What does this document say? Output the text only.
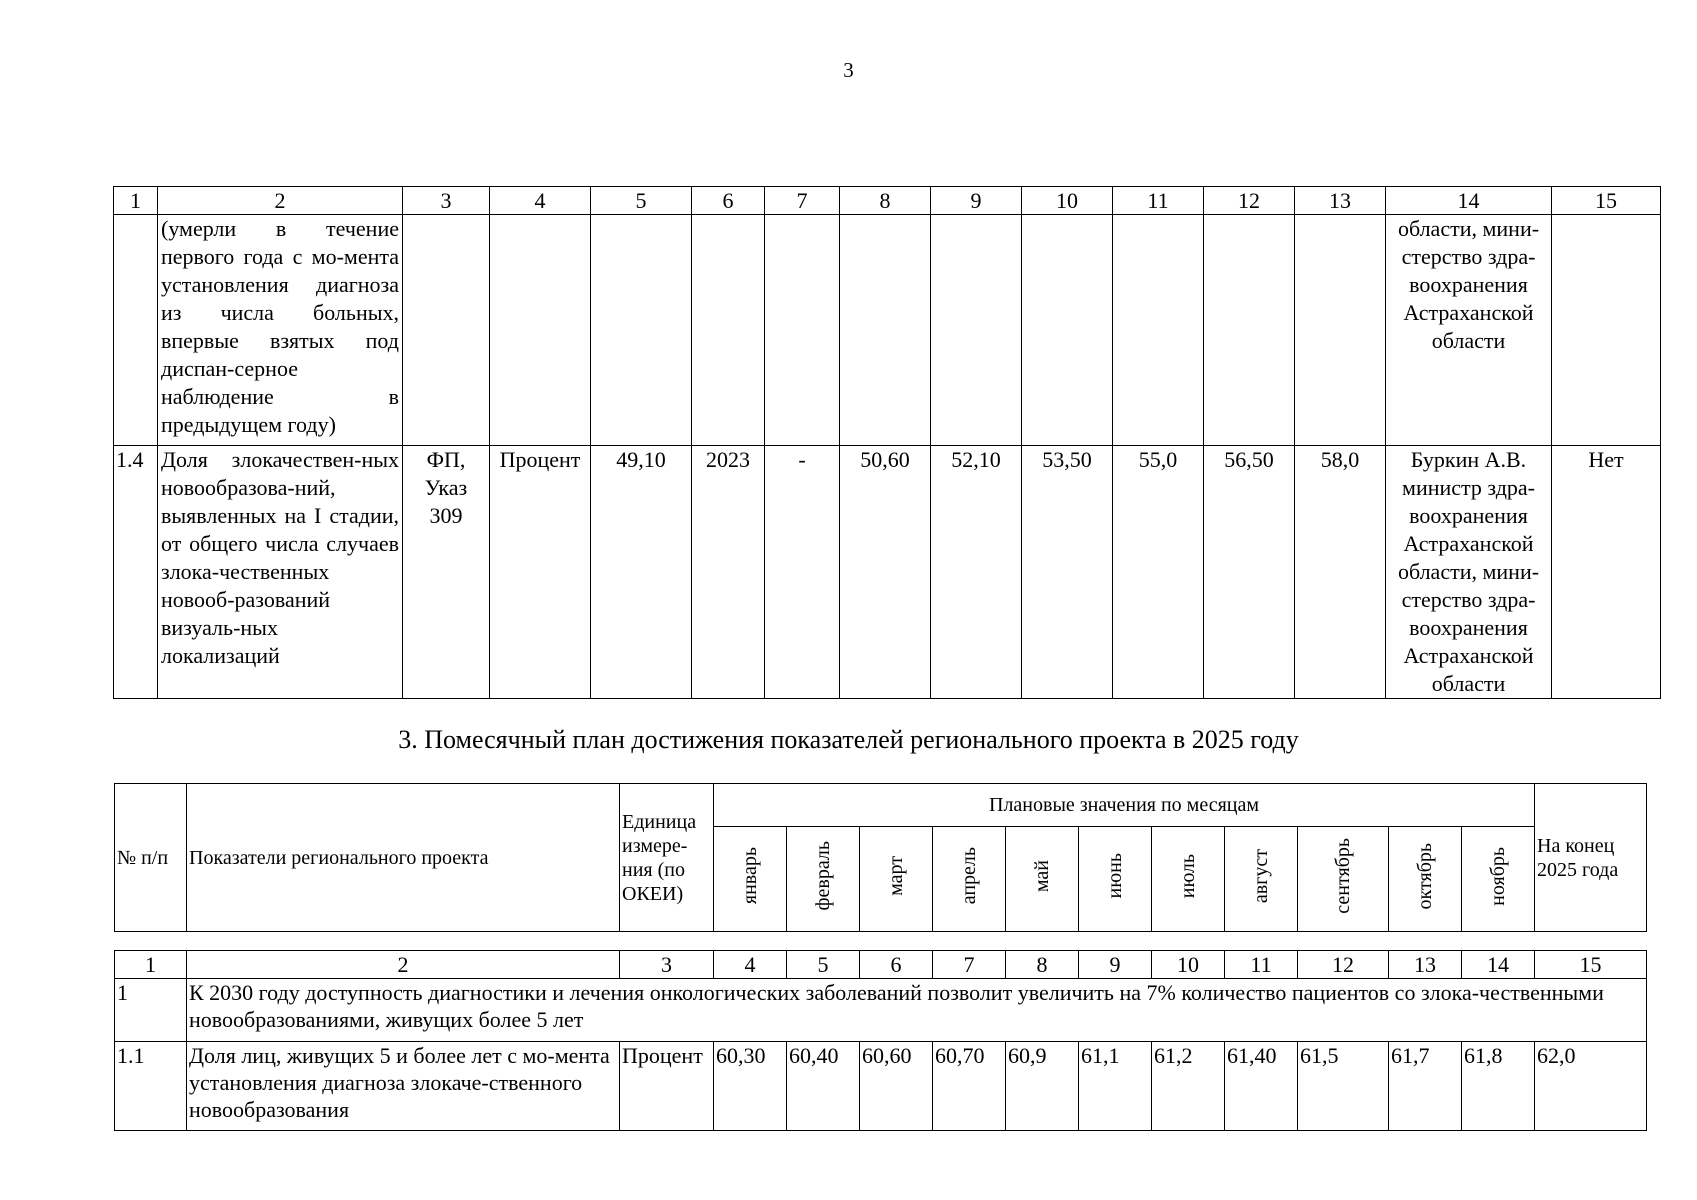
3
1	2	3	4	5	6	7	8	9	10	11	12	13	14	15
	(умерли в течение первого года с мо-мента установления диагноза из числа больных, впервые взятых под диспан-серное наблюдение в предыдущем году)												области, мини-стерство здра-воохранения Астраханской области	
1.4	Доля злокачествен-ных новообразова-ний, выявленных на I стадии, от общего числа случаев злока-чественных новооб-разований визуаль-ных локализаций	ФП, Указ 309	Процент	49,10	2023	-	50,60	52,10	53,50	55,0	56,50	58,0	Буркин А.В. министр здра-воохранения Астраханской области, мини-стерство здра-воохранения Астраханской области	Нет
3. Помесячный план достижения показателей регионального проекта в 2025 году
№ п/п	Показатели регионального проекта	Единица измере-ния (по ОКЕИ)	Плановые значения по месяцам											На конец 2025 года
			январь	февраль	март	апрель	май	июнь	июль	август	сентябрь	октябрь	ноябрь	
1	2	3	4	5	6	7	8	9	10	11	12	13	14	15
1	К 2030 году доступность диагностики и лечения онкологических заболеваний позволит увеличить на 7% количество пациентов со злока-чественными новообразованиями, живущих более 5 лет													
1.1	Доля лиц, живущих 5 и более лет с мо-мента установления диагноза злокаче-ственного новообразования	Процент	60,30	60,40	60,60	60,70	60,9	61,1	61,2	61,40	61,5	61,7	61,8	62,0
